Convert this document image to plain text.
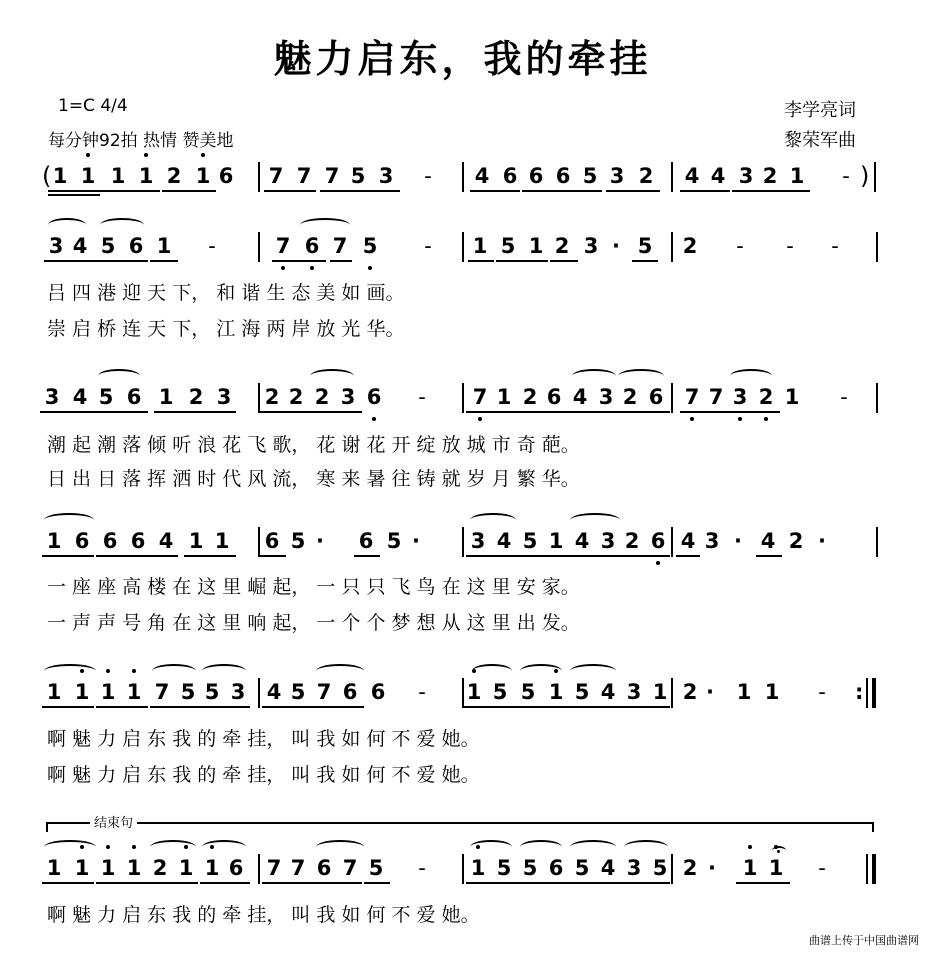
魅力启东，我的牵挂
1=C 4/4
每分钟92拍 热情 赞美地
李学亮词
黎荣军曲
(	)
1 1 1 1 2 1 6 7 7 7 5 3	-	4 6 6 6 5 3 2 4 4 3 2 1	-
3 4 5 6 1	-	7 6 7 5	-	1 5 1 2 3 5 2	-	-	-
·
吕 四 港 迎 天 下， 和 谐 生 态 美 如 画。
崇 启 桥 连 天 下， 江 海 两 岸 放 光 华。
3 4 5 6 1 2 3 2 2 2 3 6	-	7 1 2 6 4 3 2 6 7 7 3 2 1	-
潮 起 潮 落 倾 听 浪 花 飞 歌， 花 谢 花 开 绽 放 城 市 奇 葩。
日 出 日 落 挥 洒 时 代 风 流， 寒 来 暑 往 铸 就 岁 月 繁 华。
1 6 6 6 4 1 1 6 5	6 5	3 4 5 1 4 3 2 6 4 3 4 2
·	·	·	·
一 座 座 高 楼 在 这 里 崛 起， 一 只 只 飞 鸟 在 这 里 安 家。
一 声 声 号 角 在 这 里 响 起， 一 个 个 梦 想 从 这 里 出 发。
:
1 1 1 1 7 5 5 3 4 5 7 6 6	-	1 5 5 1 5 4 3 1 2 1 1	-
·
啊 魅 力 启 东 我 的 牵 挂， 叫 我 如 何 不 爱 她。
啊 魅 力 启 东 我 的 牵 挂， 叫 我 如 何 不 爱 她。
结束句
1 1 1 1 2 1 1 6 7 7 6 7 5	-	1 5 5 6 5 4 3 5 2 1 1	-
·
啊 魅 力 启 东 我 的 牵 挂， 叫 我 如 何 不 爱 她。
曲谱上传于中国曲谱网
